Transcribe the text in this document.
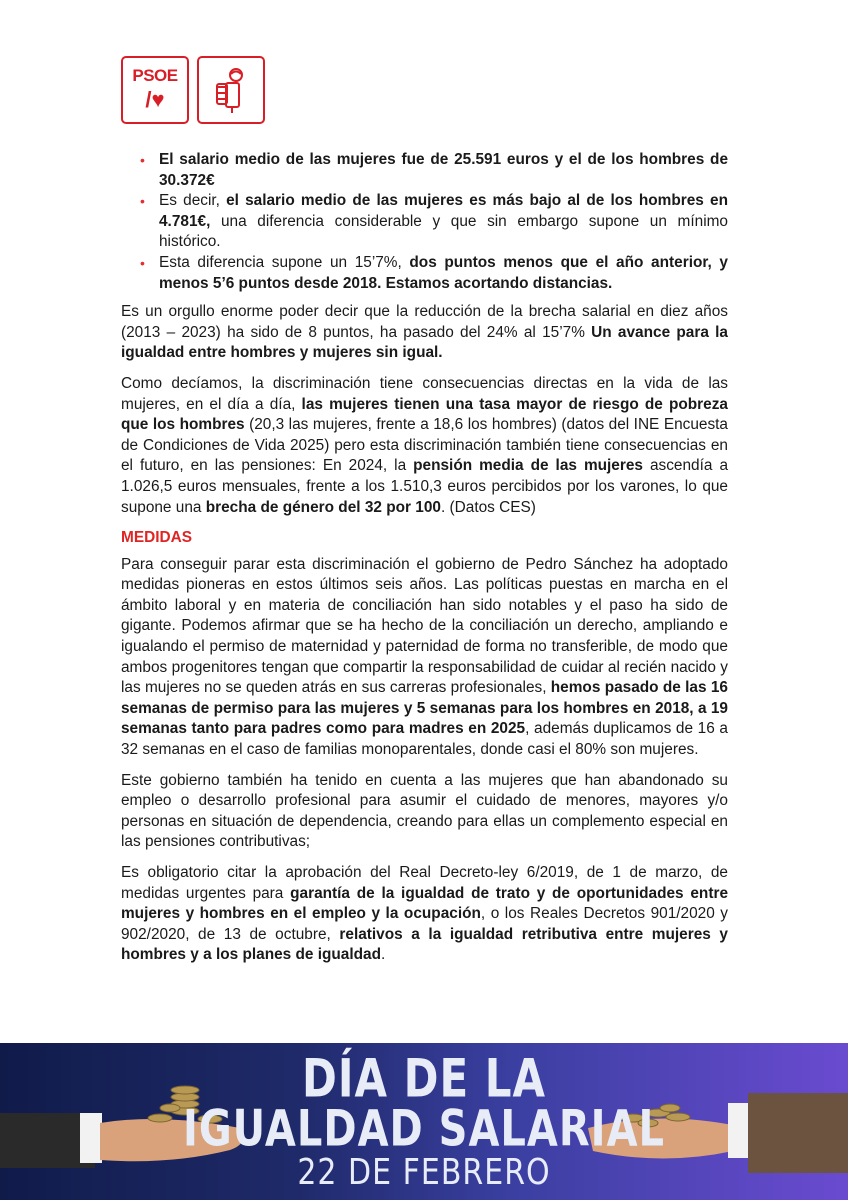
PSOE
/♥
• El salario medio de las mujeres fue de 25.591 euros y el de los hombres de 30.372€
• Es decir, el salario medio de las mujeres es más bajo al de los hombres en 4.781€, una diferencia considerable y que sin embargo supone un mínimo histórico.
• Esta diferencia supone un 15’7%, dos puntos menos que el año anterior, y menos 5’6 puntos desde 2018. Estamos acortando distancias.

Es un orgullo enorme poder decir que la reducción de la brecha salarial en diez años (2013 – 2023) ha sido de 8 puntos, ha pasado del 24% al 15’7% Un avance para la igualdad entre hombres y mujeres sin igual.

Como decíamos, la discriminación tiene consecuencias directas en la vida de las mujeres, en el día a día, las mujeres tienen una tasa mayor de riesgo de pobreza que los hombres (20,3 las mujeres, frente a 18,6 los hombres) (datos del INE Encuesta de Condiciones de Vida 2025) pero esta discriminación también tiene consecuencias en el futuro, en las pensiones: En 2024, la pensión media de las mujeres ascendía a 1.026,5 euros mensuales, frente a los 1.510,3 euros percibidos por los varones, lo que supone una brecha de género del 32 por 100. (Datos CES)

MEDIDAS

Para conseguir parar esta discriminación el gobierno de Pedro Sánchez ha adoptado medidas pioneras en estos últimos seis años. Las políticas puestas en marcha en el ámbito laboral y en materia de conciliación han sido notables y el paso ha sido de gigante. Podemos afirmar que se ha hecho de la conciliación un derecho, ampliando e igualando el permiso de maternidad y paternidad de forma no transferible, de modo que ambos progenitores tengan que compartir la responsabilidad de cuidar al recién nacido y las mujeres no se queden atrás en sus carreras profesionales, hemos pasado de las 16 semanas de permiso para las mujeres y 5 semanas para los hombres en 2018, a 19 semanas tanto para padres como para madres en 2025, además duplicamos de 16 a 32 semanas en el caso de familias monoparentales, donde casi el 80% son mujeres.

Este gobierno también ha tenido en cuenta a las mujeres que han abandonado su empleo o desarrollo profesional para asumir el cuidado de menores, mayores y/o personas en situación de dependencia, creando para ellas un complemento especial en las pensiones contributivas;

Es obligatorio citar la aprobación del Real Decreto-ley 6/2019, de 1 de marzo, de medidas urgentes para garantía de la igualdad de trato y de oportunidades entre mujeres y hombres en el empleo y la ocupación, o los Reales Decretos 901/2020 y 902/2020, de 13 de octubre, relativos a la igualdad retributiva entre mujeres y hombres y a los planes de igualdad.

DÍA DE LA
IGUALDAD SALARIAL
22 DE FEBRERO
